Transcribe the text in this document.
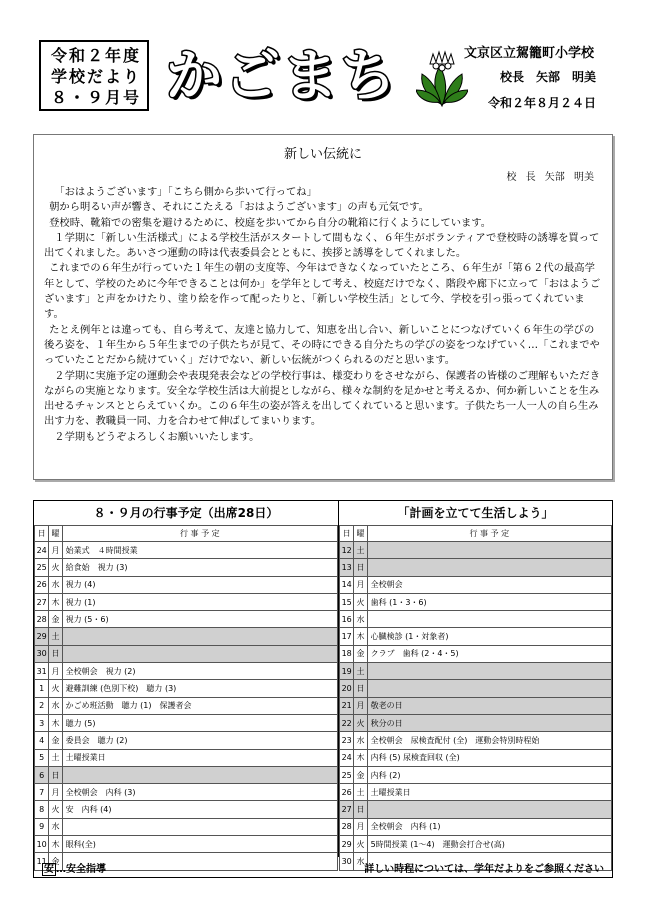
令和２年度
学校だより
８・９月号 かごまち	文京区立駕籠町小学校
校長　矢部　明美
令和２年８月２４日
新しい伝統に
校 長 矢部 明美

「おはようございます」「こちら側から歩いて行ってね」

朝から明るい声が響き、それにこたえる「おはようございます」の声も元気です。

登校時、靴箱での密集を避けるために、校庭を歩いてから自分の靴箱に行くようにしています。

１学期に「新しい生活様式」による学校生活がスタートして間もなく、６年生がボランティアで登校時の誘導を買って出てくれました。あいさつ運動の時は代表委員会とともに、挨拶と誘導をしてくれました。

これまでの６年生が行っていた１年生の朝の支度等、今年はできなくなっていたところ、６年生が「第６２代の最高学年として、学校のために今年できることは何か」を学年として考え、校庭だけでなく、階段や廊下に立って「おはようございます」と声をかけたり、塗り絵を作って配ったりと、「新しい学校生活」として今、学校を引っ張ってくれています。

たとえ例年とは違っても、自ら考えて、友達と協力して、知恵を出し合い、新しいことにつなげていく６年生の学びの後ろ姿を、１年生から５年生までの子供たちが見て、その時にできる自分たちの学びの姿をつなげていく…「これまでやっていたことだから続けていく」だけでない、新しい伝統がつくられるのだと思います。

２学期に実施予定の運動会や表現発表会などの学校行事は、様変わりをさせながら、保護者の皆様のご理解もいただきながらの実施となります。安全な学校生活は大前提としながら、様々な制約を足かせと考えるか、何か新しいことを生み出せるチャンスととらえていくか。この６年生の姿が答えを出してくれていると思います。子供たち一人一人の自ら生み出す力を、教職員一同、力を合わせて伸ばしてまいります。

２学期もどうぞよろしくお願いいたします。

８・９月の行事予定（出席28日）	「計画を立てて生活しよう」
日	曜	行 事 予 定
24	月	始業式　４時間授業
25	火	給食始　視力 (3)
26	水	視力 (4)
27	木	視力 (1)
28	金	視力 (5・6)
29	土	
30	日	
31	月	全校朝会　視力 (2)
1	火	避難訓練 (色別下校)　聴力 (3)
2	水	かごめ班活動　聴力 (1)　保護者会
3	木	聴力 (5)
4	金	委員会　聴力 (2)
5	土	土曜授業日
6	日	
7	月	全校朝会　内科 (3)
8	火	安　内科 (4)
9	水	
10	木	眼科(全)
11	金	
日	曜	行 事 予 定
12	土	
13	日	
14	月	全校朝会
15	火	歯科 (1・3・6)
16	水	
17	木	心臓検診 (1・対象者)
18	金	クラブ　歯科 (2・4・5)
19	土	
20	日	
21	月	敬老の日
22	火	秋分の日
23	水	全校朝会　尿検査配付 (全)　運動会特別時程始
24	木	内科 (5) 尿検査回収 (全)
25	金	内科 (2)
26	土	土曜授業日
27	日	
28	月	全校朝会　内科 (1)
29	火	5時間授業 (1～4)　運動会打合せ(高)
30	水	
安 …安全指導	詳しい時程については、学年だよりをご参照ください
